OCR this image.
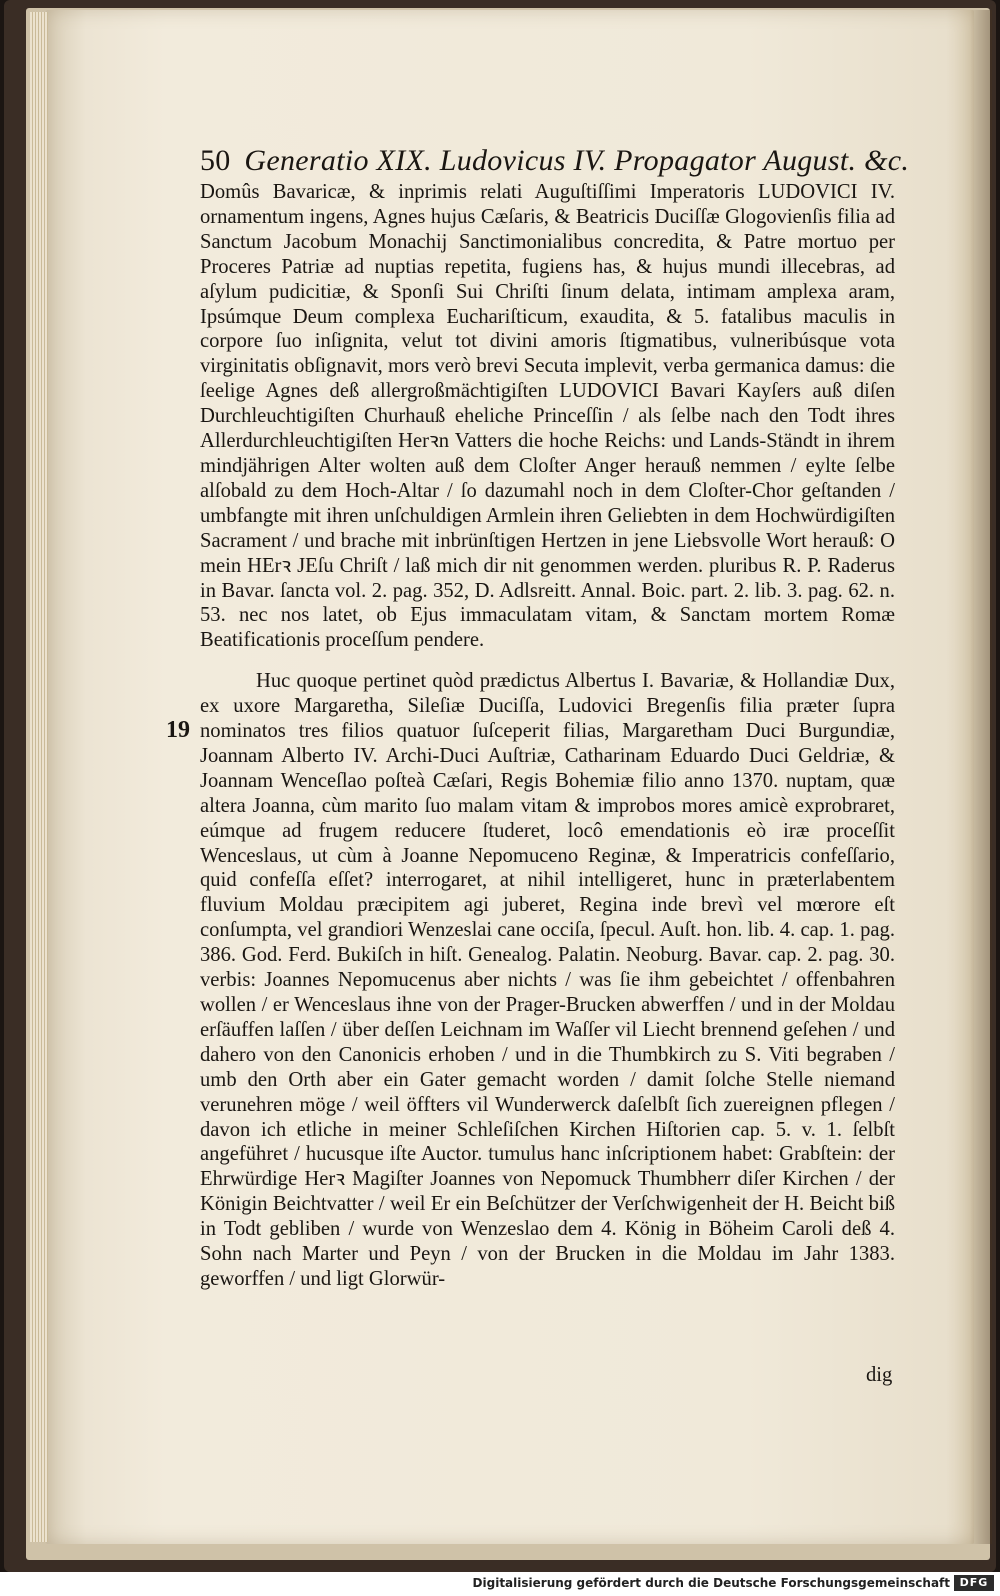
50 Generatio XIX. Ludovicus IV. Propagator August. &c.

Domûs Bavaricæ, & inprimis relati Auguſtiſſimi Imperatoris LUDOVICI IV. ornamentum ingens, Agnes hujus Cæſaris, & Beatricis Duciſſæ Glogovienſis filia ad Sanctum Jacobum Monachij Sanctimonialibus concredita, & Patre mortuo per Proceres Patriæ ad nuptias repetita, fugiens has, & hujus mundi illecebras, ad aſylum pudicitiæ, & Sponſi Sui Chriſti ſinum delata, intimam amplexa aram, Ipsúmque Deum complexa Euchariſticum, exaudita, & 5. fatalibus maculis in corpore ſuo inſignita, velut tot divini amoris ſtigmatibus, vulneribúsque vota virginitatis obſignavit, mors verò brevi Secuta implevit, verba germanica damus: die ſeelige Agnes deß allergroßmächtigiſten LUDOVICI Bavari Kayſers auß diſen Durchleuchtigiſten Churhauß eheliche Princeſſin / als ſelbe nach den Todt ihres Allerdurchleuchtigiſten Herꝛn Vatters die hoche Reichs: und Lands-Ständt in ihrem mindjährigen Alter wolten auß dem Cloſter Anger herauß nemmen / eylte ſelbe alſobald zu dem Hoch-Altar / ſo dazumahl noch in dem Cloſter-Chor geſtanden / umbfangte mit ihren unſchuldigen Armlein ihren Geliebten in dem Hochwürdigiſten Sacrament / und brache mit inbrünſtigen Hertzen in jene Liebsvolle Wort herauß: O mein HErꝛ JEſu Chriſt / laß mich dir nit genommen werden. pluribus R. P. Raderus in Bavar. ſancta vol. 2. pag. 352, D. Adlsreitt. Annal. Boic. part. 2. lib. 3. pag. 62. n. 53. nec nos latet, ob Ejus immaculatam vitam, & Sanctam mortem Romæ Beatificationis proceſſum pendere.

Huc quoque pertinet quòd prædictus Albertus I. Bavariæ, & Hollandiæ Dux, ex uxore Margaretha, Sileſiæ Duciſſa, Ludovici Bregenſis filia præter ſupra nominatos tres filios quatuor ſuſceperit filias, Margaretham Duci Burgundiæ, Joannam Alberto IV. Archi-Duci Auſtriæ, Catharinam Eduardo Duci Geldriæ, & Joannam Wenceſlao poſteà Cæſari, Regis Bohemiæ filio anno 1370. nuptam, quæ altera Joanna, cùm marito ſuo malam vitam & improbos mores amicè exprobraret, eúmque ad frugem reducere ſtuderet, locô emendationis eò iræ proceſſit Wenceslaus, ut cùm à Joanne Nepomuceno Reginæ, & Imperatricis confeſſario, quid confeſſa eſſet? interrogaret, at nihil intelligeret, hunc in præterlabentem fluvium Moldau præcipitem agi juberet, Regina inde brevì vel mœrore eſt conſumpta, vel grandiori Wenzeslai cane occiſa, ſpecul. Auſt. hon. lib. 4. cap. 1. pag. 386. God. Ferd. Bukiſch in hiſt. Genealog. Palatin. Neoburg. Bavar. cap. 2. pag. 30. verbis: Joannes Nepomucenus aber nichts / was ſie ihm gebeichtet / offenbahren wollen / er Wenceslaus ihne von der Prager-Brucken abwerffen / und in der Moldau erſäuffen laſſen / über deſſen Leichnam im Waſſer vil Liecht brennend geſehen / und dahero von den Canonicis erhoben / und in die Thumbkirch zu S. Viti begraben / umb den Orth aber ein Gater gemacht worden / damit ſolche Stelle niemand verunehren möge / weil öffters vil Wunderwerck daſelbſt ſich zuereignen pflegen / davon ich etliche in meiner Schleſiſchen Kirchen Hiſtorien cap. 5. v. 1. ſelbſt angeführet / hucusque iſte Auctor. tumulus hanc inſcriptionem habet: Grabſtein: der Ehrwürdige Herꝛ Magiſter Joannes von Nepomuck Thumbherr diſer Kirchen / der Königin Beichtvatter / weil Er ein Beſchützer der Verſchwigenheit der H. Beicht biß in Todt gebliben / wurde von Wenzeslao dem 4. König in Böheim Caroli deß 4. Sohn nach Marter und Peyn / von der Brucken in die Moldau im Jahr 1383. geworffen / und ligt Glorwür-

19
dig
Digitalisierung gefördert durch die Deutsche Forschungsgemeinschaft DFG
